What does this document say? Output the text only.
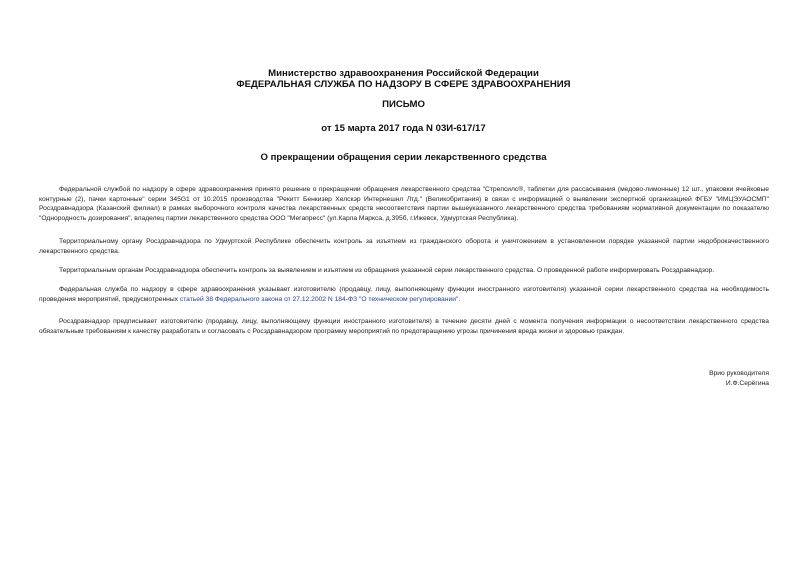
Министерство здравоохранения Российской Федерации
ФЕДЕРАЛЬНАЯ СЛУЖБА ПО НАДЗОРУ В СФЕРЕ ЗДРАВООХРАНЕНИЯ
ПИСЬМО
от 15 марта 2017 года N 03И-617/17
О прекращении обращения серии лекарственного средства

Федеральной службой по надзору в сфере здравоохранения принято решение о прекращении обращения лекарственного средства "Стрепсилс®, таблетки для рассасывания (медово-лимонные) 12 шт., упаковки ячейковые контурные (2), пачки картонные" серии 345G1 от 10.2015 производства "Рекитт Бенкизер Хелскэр Интернешнл Лтд." (Великобритания) в связи с информацией о выявлении экспертной организацией ФГБУ "ИМЦЭУАОСМП" Росздравнадзора (Казанский филиал) в рамках выборочного контроля качества лекарственных средств несоответствия партии вышеуказанного лекарственного средства требованиям нормативной документации по показателю "Однородность дозирования", владелец партии лекарственного средства ООО "Мегапресс" (ул.Карла Маркса, д.395б, г.Ижевск, Удмуртская Республика).

Территориальному органу Росздравнадзора по Удмуртской Республике обеспечить контроль за изъятием из гражданского оборота и уничтожением в установленном порядке указанной партии недоброкачественного лекарственного средства.

Территориальным органам Росздравнадзора обеспечить контроль за выявлением и изъятием из обращения указанной серии лекарственного средства. О проведенной работе информировать Росздравнадзор.

Федеральная служба по надзору в сфере здравоохранения указывает изготовителю (продавцу, лицу, выполняющему функции иностранного изготовителя) указанной серии лекарственного средства на необходимость проведения мероприятий, предусмотренных статьей 38 Федерального закона от 27.12.2002 N 184-ФЗ "О техническом регулировании".

Росздравнадзор предписывает изготовителю (продавцу, лицу, выполняющему функции иностранного изготовителя) в течение десяти дней с момента получения информации о несоответствии лекарственного средства обязательным требованиям к качеству разработать и согласовать с Росздравнадзором программу мероприятий по предотвращению угрозы причинения вреда жизни и здоровью граждан.

Врио руководителя
И.Ф.Серёгина
